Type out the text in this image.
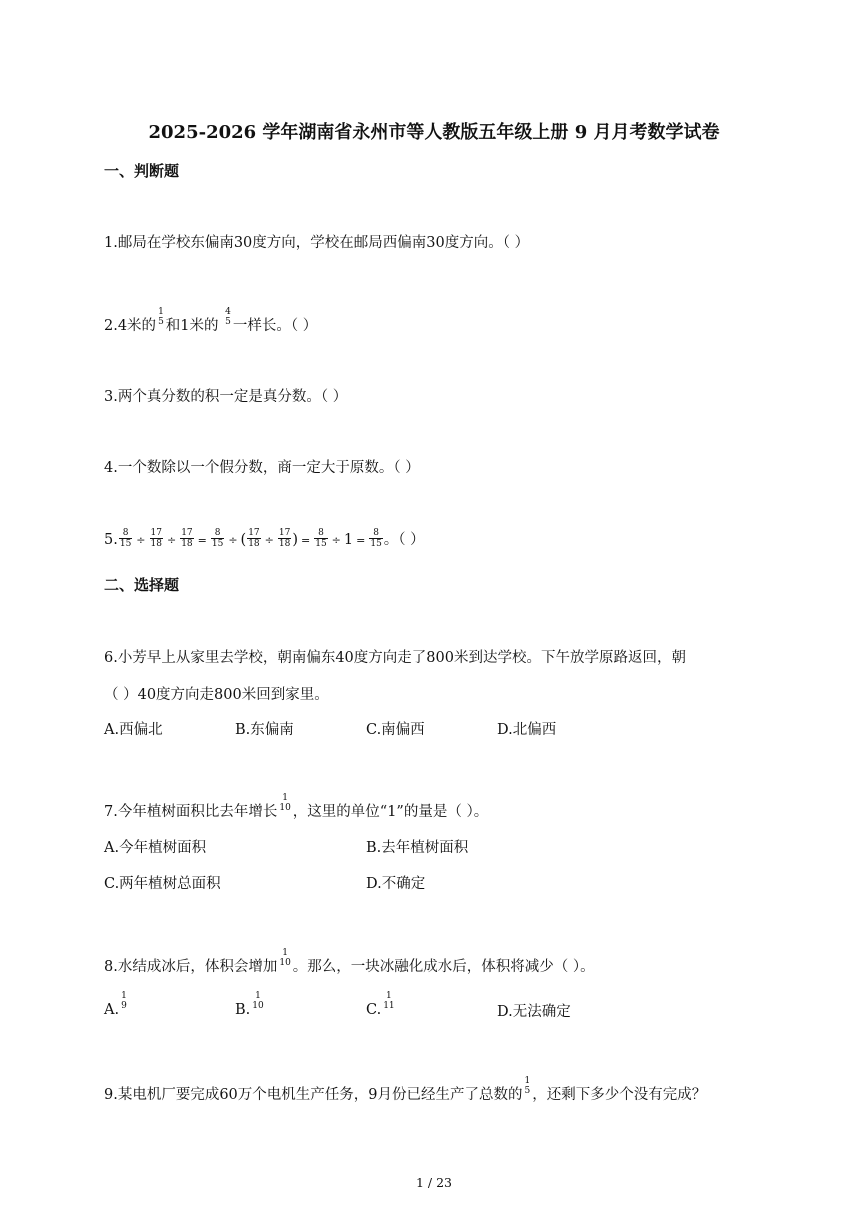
2025-2026 学年湖南省永州市等人教版五年级上册 9 月月考数学试卷
一、判断题
1.邮局在学校东偏南30度方向，学校在邮局西偏南30度方向。（ ）
2.4米的
1
5 和1米的
4
5 一样长。（ ）
3.两个真分数的积一定是真分数。（ ）
4.一个数除以一个假分数，商一定大于原数。（ ）
5. $\frac{8}{15} \div \frac{17}{18} \div \frac{17}{18} = \frac{8}{15}$ ÷ ( $\frac{17}{18} \div \frac{17}{18}$ ) = $\frac{8}{15} \div 1 = \frac{8}{15}$ 。（ ）
二、选择题
6.小芳早上从家里去学校，朝南偏东40度方向走了800米到达学校。下午放学原路返回，朝
（ ）40度方向走800米回到家里。
A.西偏北	B.东偏南	C.南偏西	D.北偏西
7.今年植树面积比去年增长
1
10 ，这里的单位“1”的量是（ ）。
A.今年植树面积	B.去年植树面积
C.两年植树总面积	D.不确定
8.水结成冰后，体积会增加
1
10 。那么，一块冰融化成水后，体积将减少（ ）。
A.
1
9	B.
1
10	C.
1
11	D.无法确定
9.某电机厂要完成60万个电机生产任务，9月份已经生产了总数的
1
5 ，还剩下多少个没有完成？
1 / 23
